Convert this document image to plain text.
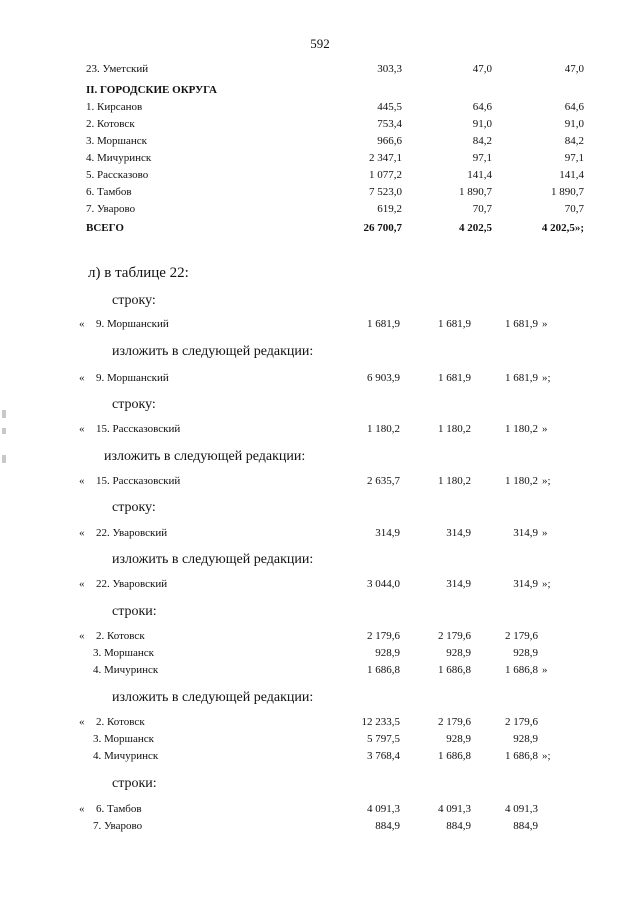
592
23. Уметский	303,3	47,0	47,0
II. ГОРОДСКИЕ ОКРУГА
1. Кирсанов	445,5	64,6	64,6
2. Котовск	753,4	91,0	91,0
3. Моршанск	966,6	84,2	84,2
4. Мичуринск	2 347,1	97,1	97,1
5. Рассказово	1 077,2	141,4	141,4
6. Тамбов	7 523,0	1 890,7	1 890,7
7. Уварово	619,2	70,7	70,7
ВСЕГО	26 700,7	4 202,5	4 202,5»;
л) в таблице 22:
строку:
« 9. Моршанский	1 681,9	1 681,9	1 681,9 »
изложить в следующей редакции:
« 9. Моршанский	6 903,9	1 681,9	1 681,9 »;
строку:
« 15. Рассказовский	1 180,2	1 180,2	1 180,2 »
изложить в следующей редакции:
« 15. Рассказовский	2 635,7	1 180,2	1 180,2 »;
строку:
« 22. Уваровский	314,9	314,9	314,9 »
изложить в следующей редакции:
« 22. Уваровский	3 044,0	314,9	314,9 »;
строки:
« 2. Котовск	2 179,6	2 179,6	2 179,6
3. Моршанск	928,9	928,9	928,9
4. Мичуринск	1 686,8	1 686,8	1 686,8 »
изложить в следующей редакции:
« 2. Котовск	12 233,5	2 179,6	2 179,6
3. Моршанск	5 797,5	928,9	928,9
4. Мичуринск	3 768,4	1 686,8	1 686,8 »;
строки:
« 6. Тамбов	4 091,3	4 091,3	4 091,3
7. Уварово	884,9	884,9	884,9
